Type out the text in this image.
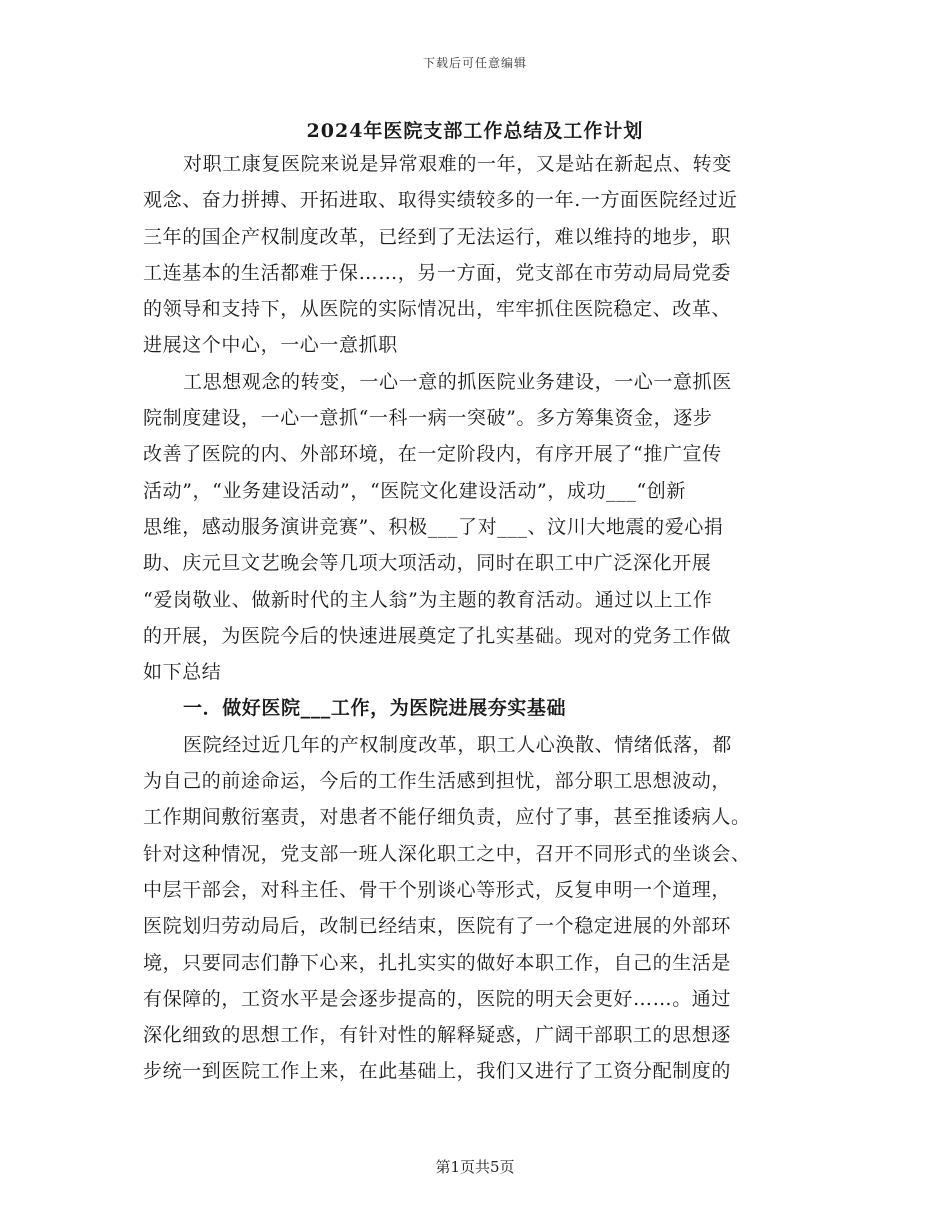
下载后可任意编辑
2024年医院支部工作总结及工作计划
对职工康复医院来说是异常艰难的一年，又是站在新起点、转变
观念、奋力拼搏、开拓进取、取得实绩较多的一年.一方面医院经过近
三年的国企产权制度改革，已经到了无法运行，难以维持的地步，职
工连基本的生活都难于保……，另一方面，党支部在市劳动局局党委
的领导和支持下，从医院的实际情况出，牢牢抓住医院稳定、改革、
进展这个中心，一心一意抓职
工思想观念的转变，一心一意的抓医院业务建设，一心一意抓医
院制度建设，一心一意抓“一科一病一突破”。多方筹集资金，逐步
改善了医院的内、外部环境，在一定阶段内，有序开展了“推广宣传
活动”，“业务建设活动”，“医院文化建设活动”，成功___“创新
思维，感动服务演讲竞赛”、积极___了对___、汶川大地震的爱心捐
助、庆元旦文艺晚会等几项大项活动，同时在职工中广泛深化开展
“爱岗敬业、做新时代的主人翁”为主题的教育活动。通过以上工作
的开展，为医院今后的快速进展奠定了扎实基础。现对的党务工作做
如下总结
一．做好医院___工作，为医院进展夯实基础
医院经过近几年的产权制度改革，职工人心涣散、情绪低落，都
为自己的前途命运，今后的工作生活感到担忧，部分职工思想波动，
工作期间敷衍塞责，对患者不能仔细负责，应付了事，甚至推诿病人。
针对这种情况，党支部一班人深化职工之中，召开不同形式的坐谈会、
中层干部会，对科主任、骨干个别谈心等形式，反复申明一个道理，
医院划归劳动局后，改制已经结束，医院有了一个稳定进展的外部环
境，只要同志们静下心来，扎扎实实的做好本职工作，自己的生活是
有保障的，工资水平是会逐步提高的，医院的明天会更好……。通过
深化细致的思想工作，有针对性的解释疑惑，广阔干部职工的思想逐
步统一到医院工作上来，在此基础上，我们又进行了工资分配制度的
第1页共5页
